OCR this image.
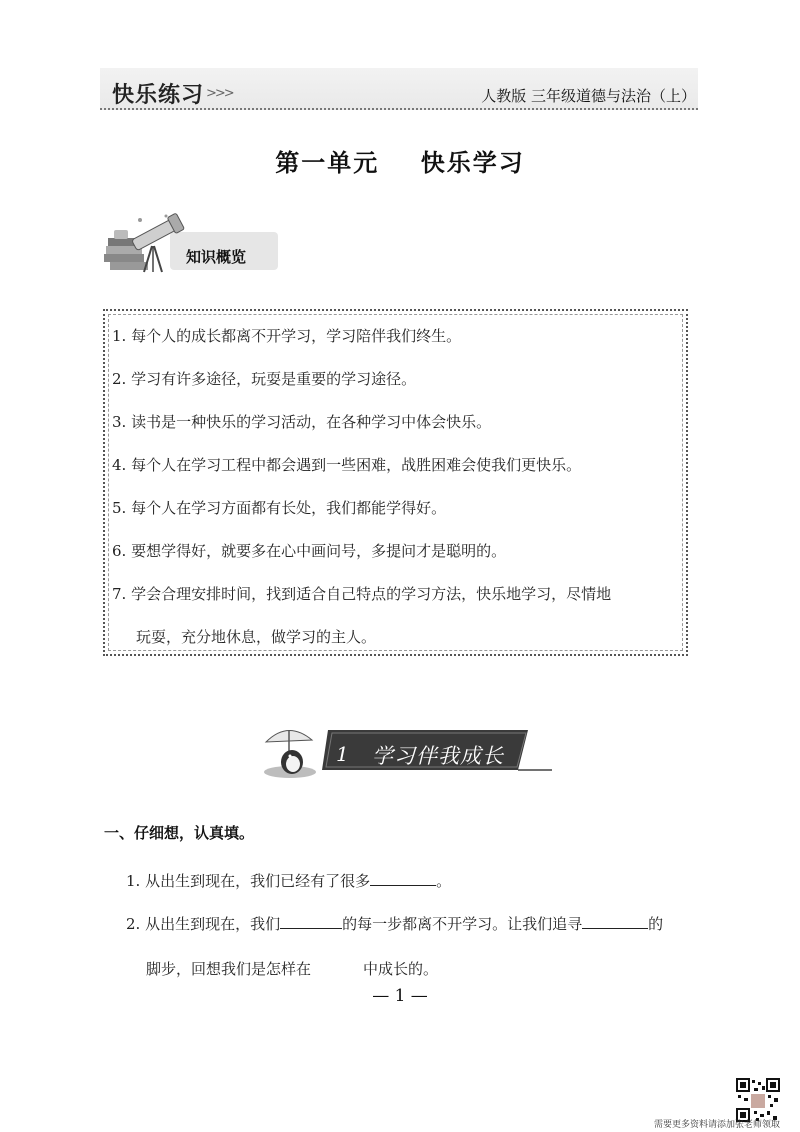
快乐练习 >>>	人教版 三年级道德与法治（上）
第一单元    快乐学习
知识概览
1. 每个人的成长都离不开学习，学习陪伴我们终生。
2. 学习有许多途径，玩耍是重要的学习途径。
3. 读书是一种快乐的学习活动，在各种学习中体会快乐。
4. 每个人在学习工程中都会遇到一些困难，战胜困难会使我们更快乐。
5. 每个人在学习方面都有长处，我们都能学得好。
6. 要想学得好，就要多在心中画问号，多提问才是聪明的。
7. 学会合理安排时间，找到适合自己特点的学习方法，快乐地学习，尽情地
玩耍，充分地休息，做学习的主人。
1 学习伴我成长
一、仔细想，认真填。
1. 从出生到现在，我们已经有了很多	。
2. 从出生到现在，我们	的每一步都离不开学习。让我们追寻	的
脚步，回想我们是怎样在	中成长的。
— 1 —
需要更多资料请添加张老师领取
